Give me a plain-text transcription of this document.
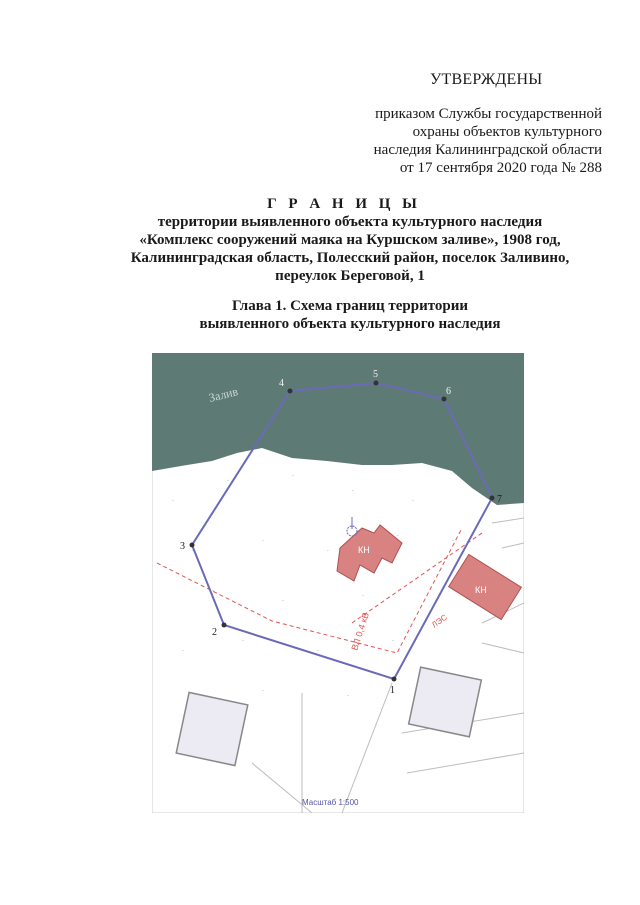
УТВЕРЖДЕНЫ
приказом Службы государственной
охраны объектов культурного
наследия Калининградской области
от 17 сентября 2020 года № 288
Г Р А Н И Ц Ы
территории выявленного объекта культурного наследия
«Комплекс сооружений маяка на Куршском заливе», 1908 год,
Калининградская область, Полесский район, поселок Заливино,
переулок Береговой, 1
Глава 1. Схема границ территории
выявленного объекта культурного наследия
Залив
·
·
·
·
·
·
·
·
·
·
·
·
·
·
·
·
·
·
·
·
·
·
·
·
·
·
ВЛ 0,4 кВ	ЛЭС
КН
КН
1
2
3
4
5
6
7
Масштаб 1:500
